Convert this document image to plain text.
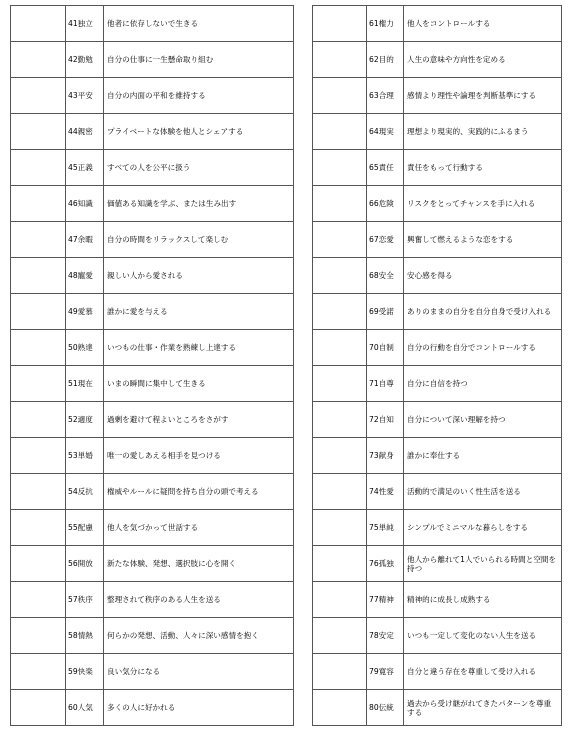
	41独立	他者に依存しないで生きる
	42勤勉	自分の仕事に一生懸命取り組む
	43平安	自分の内面の平和を維持する
	44親密	プライベートな体験を他人とシェアする
	45正義	すべての人を公平に扱う
	46知識	価値ある知識を学ぶ、または生み出す
	47余暇	自分の時間をリラックスして楽しむ
	48寵愛	親しい人から愛される
	49愛慕	誰かに愛を与える
	50熟達	いつもの仕事・作業を熟練し上達する
	51現在	いまの瞬間に集中して生きる
	52適度	過剰を避けて程よいところをさがす
	53単婚	唯一の愛しあえる相手を見つける
	54反抗	権威やルールに疑問を持ち自分の頭で考える
	55配慮	他人を気づかって世話する
	56開放	新たな体験、発想、選択肢に心を開く
	57秩序	整理されて秩序のある人生を送る
	58情熱	何らかの発想、活動、人々に深い感情を抱く
	59快楽	良い気分になる
	60人気	多くの人に好かれる
	61権力	他人をコントロールする
	62目的	人生の意味や方向性を定める
	63合理	感情より理性や論理を判断基準にする
	64現実	理想より現実的、実践的にふるまう
	65責任	責任をもって行動する
	66危険	リスクをとってチャンスを手に入れる
	67恋愛	興奮して燃えるような恋をする
	68安全	安心感を得る
	69受諾	ありのままの自分を自分自身で受け入れる
	70自制	自分の行動を自分でコントロールする
	71自尊	自分に自信を持つ
	72自知	自分について深い理解を持つ
	73献身	誰かに奉仕する
	74性愛	活動的で満足のいく性生活を送る
	75単純	シンプルでミニマルな暮らしをする
	76孤独	他人から離れて1人でいられる時間と空間を持つ
	77精神	精神的に成長し成熟する
	78安定	いつも一定して変化のない人生を送る
	79寛容	自分と違う存在を尊重して受け入れる
	80伝統	過去から受け継がれてきたパターンを尊重する
